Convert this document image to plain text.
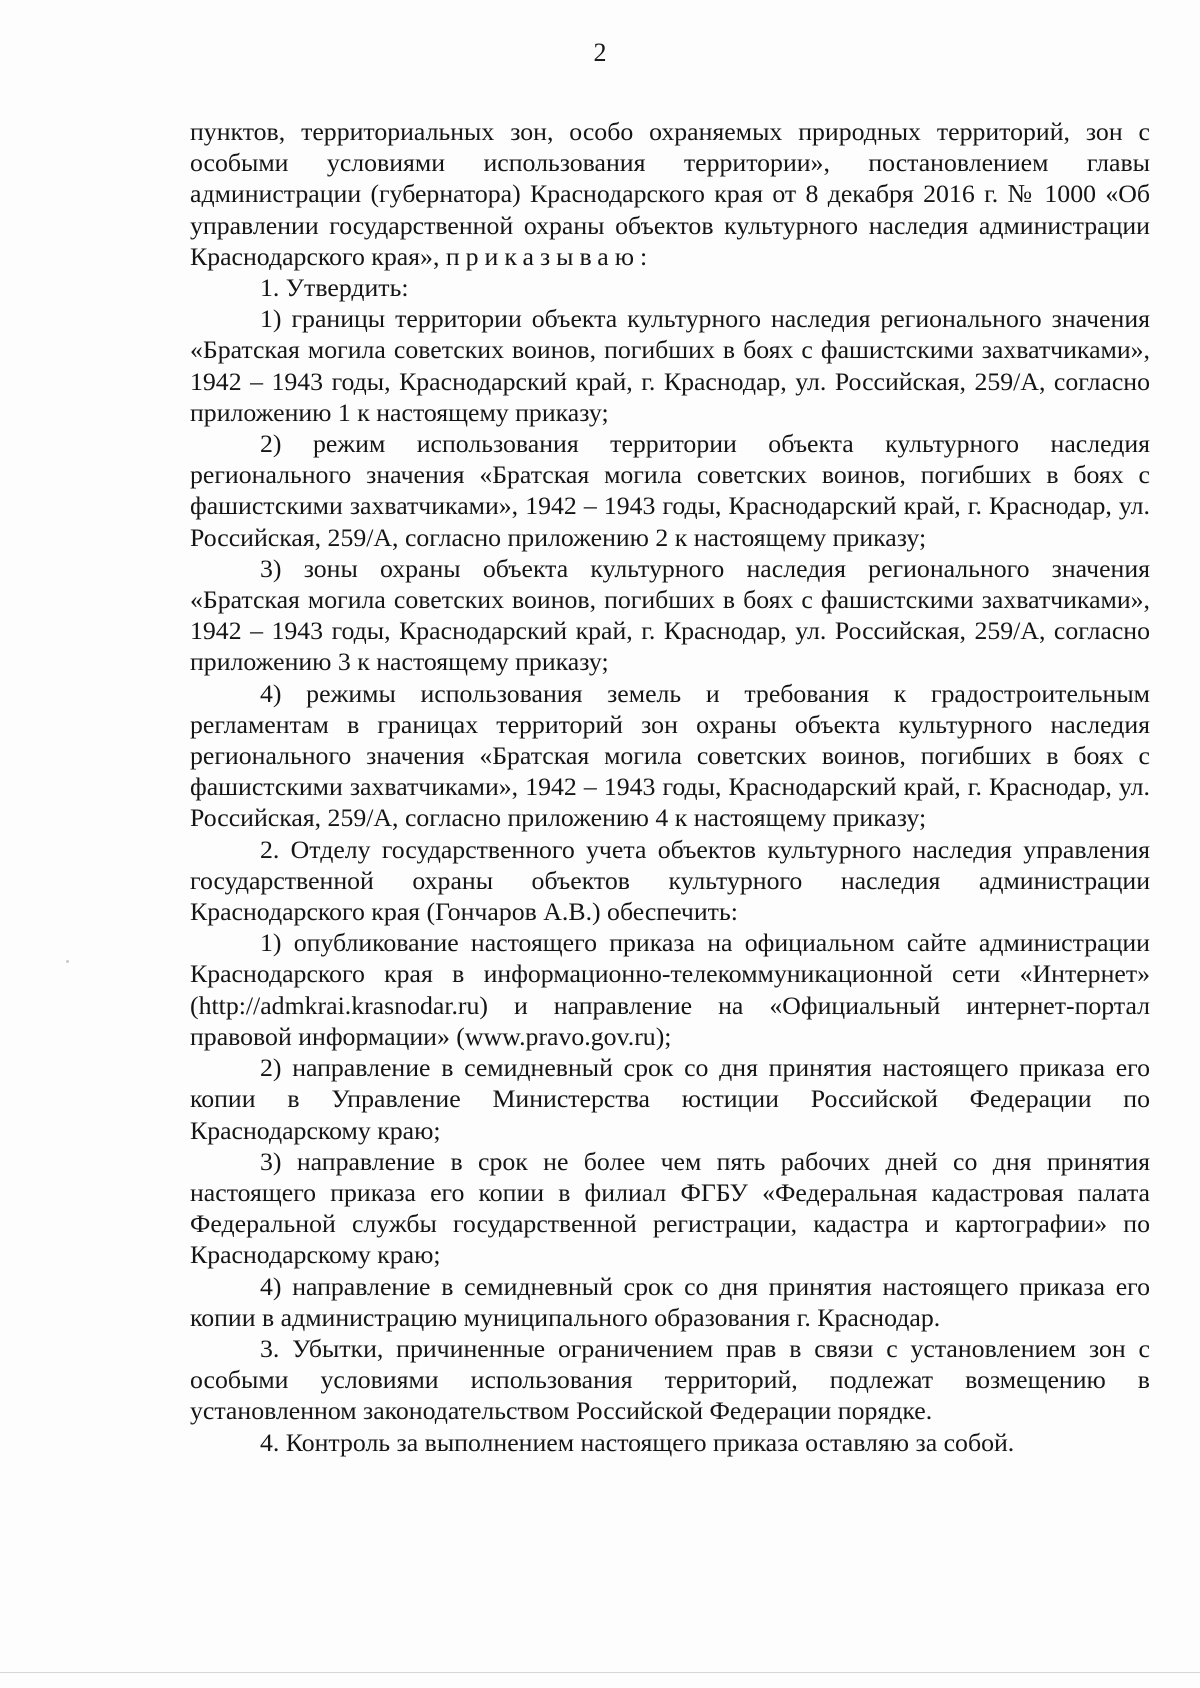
2

пунктов, территориальных зон, особо охраняемых природных территорий, зон с особыми условиями использования территории», постановлением главы администрации (губернатора) Краснодарского края от 8 декабря 2016 г. № 1000 «Об управлении государственной охраны объектов культурного наследия администрации Краснодарского края», приказываю:

1. Утвердить:

1) границы территории объекта культурного наследия регионального значения «Братская могила советских воинов, погибших в боях с фашистскими захватчиками», 1942 – 1943 годы, Краснодарский край, г. Краснодар, ул. Российская, 259/А, согласно приложению 1 к настоящему приказу;

2) режим использования территории объекта культурного наследия регионального значения «Братская могила советских воинов, погибших в боях с фашистскими захватчиками», 1942 – 1943 годы, Краснодарский край, г. Краснодар, ул. Российская, 259/А, согласно приложению 2 к настоящему приказу;

3) зоны охраны объекта культурного наследия регионального значения «Братская могила советских воинов, погибших в боях с фашистскими захватчиками», 1942 – 1943 годы, Краснодарский край, г. Краснодар, ул. Российская, 259/А, согласно приложению 3 к настоящему приказу;

4) режимы использования земель и требования к градостроительным регламентам в границах территорий зон охраны объекта культурного наследия регионального значения «Братская могила советских воинов, погибших в боях с фашистскими захватчиками», 1942 – 1943 годы, Краснодарский край, г. Краснодар, ул. Российская, 259/А, согласно приложению 4 к настоящему приказу;

2. Отделу государственного учета объектов культурного наследия управления государственной охраны объектов культурного наследия администрации Краснодарского края (Гончаров А.В.) обеспечить:

1) опубликование настоящего приказа на официальном сайте администрации Краснодарского края в информационно-телекоммуникационной сети «Интернет» (http://admkrai.krasnodar.ru) и направление на «Официальный интернет-портал правовой информации» (www.pravo.gov.ru);

2) направление в семидневный срок со дня принятия настоящего приказа его копии в Управление Министерства юстиции Российской Федерации по Краснодарскому краю;

3) направление в срок не более чем пять рабочих дней со дня принятия настоящего приказа его копии в филиал ФГБУ «Федеральная кадастровая палата Федеральной службы государственной регистрации, кадастра и картографии» по Краснодарскому краю;

4) направление в семидневный срок со дня принятия настоящего приказа его копии в администрацию муниципального образования г. Краснодар.

3. Убытки, причиненные ограничением прав в связи с установлением зон с особыми условиями использования территорий, подлежат возмещению в установленном законодательством Российской Федерации порядке.

4. Контроль за выполнением настоящего приказа оставляю за собой.
